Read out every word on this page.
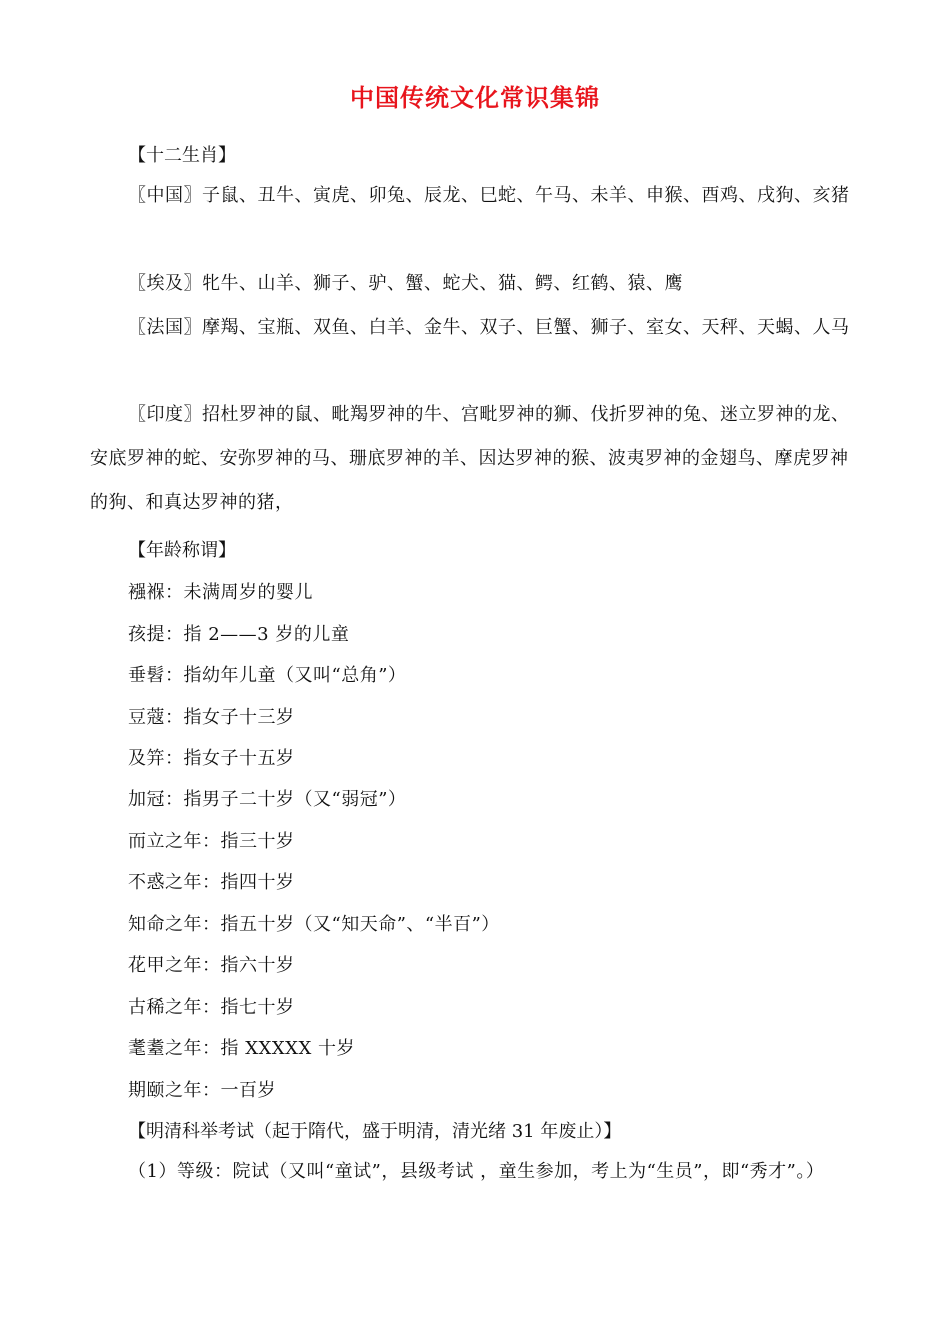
中国传统文化常识集锦
【十二生肖】
〖中国〗子鼠、丑牛、寅虎、卯兔、辰龙、巳蛇、午马、未羊、申猴、酉鸡、戌狗、亥猪
〖埃及〗牝牛、山羊、狮子、驴、蟹、蛇犬、猫、鳄、红鹤、猿、鹰
〖法国〗摩羯、宝瓶、双鱼、白羊、金牛、双子、巨蟹、狮子、室女、天秤、天蝎、人马
〖印度〗招杜罗神的鼠、毗羯罗神的牛、宫毗罗神的狮、伐折罗神的兔、迷立罗神的龙、安底罗神的蛇、安弥罗神的马、珊底罗神的羊、因达罗神的猴、波夷罗神的金翅鸟、摩虎罗神的狗、和真达罗神的猪，
【年龄称谓】
襁褓：未满周岁的婴儿
孩提：指 2——3 岁的儿童
垂髫：指幼年儿童（又叫“总角”）
豆蔻：指女子十三岁
及笄：指女子十五岁
加冠：指男子二十岁（又“弱冠”）
而立之年：指三十岁
不惑之年：指四十岁
知命之年：指五十岁（又“知天命”、“半百”）
花甲之年：指六十岁
古稀之年：指七十岁
耄耋之年：指 XXXXX 十岁
期颐之年：一百岁
【明清科举考试（起于隋代，盛于明清，清光绪 31 年废止）】
（1）等级：院试（又叫“童试”，县级考试 ，童生参加，考上为“生员”，即“秀才”。）
